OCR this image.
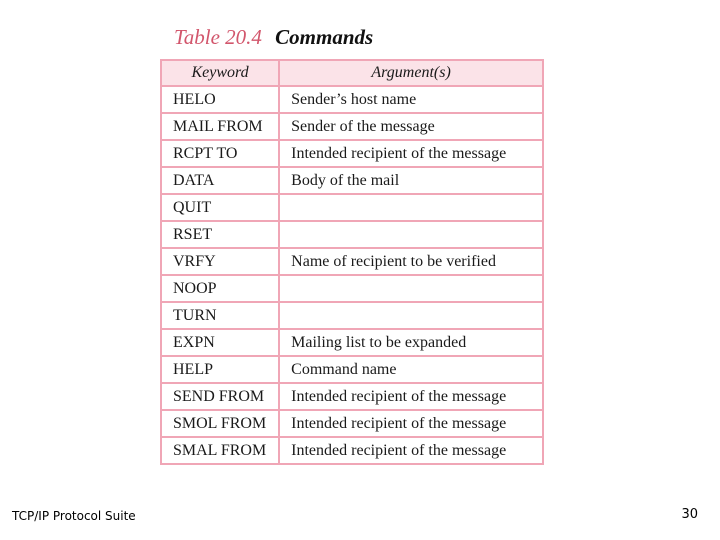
Table 20.4 Commands
Keyword	Argument(s)
HELO	Sender’s host name
MAIL FROM	Sender of the message
RCPT TO	Intended recipient of the message
DATA	Body of the mail
QUIT	
RSET	
VRFY	Name of recipient to be verified
NOOP	
TURN	
EXPN	Mailing list to be expanded
HELP	Command name
SEND FROM	Intended recipient of the message
SMOL FROM	Intended recipient of the message
SMAL FROM	Intended recipient of the message
TCP/IP Protocol Suite	30
